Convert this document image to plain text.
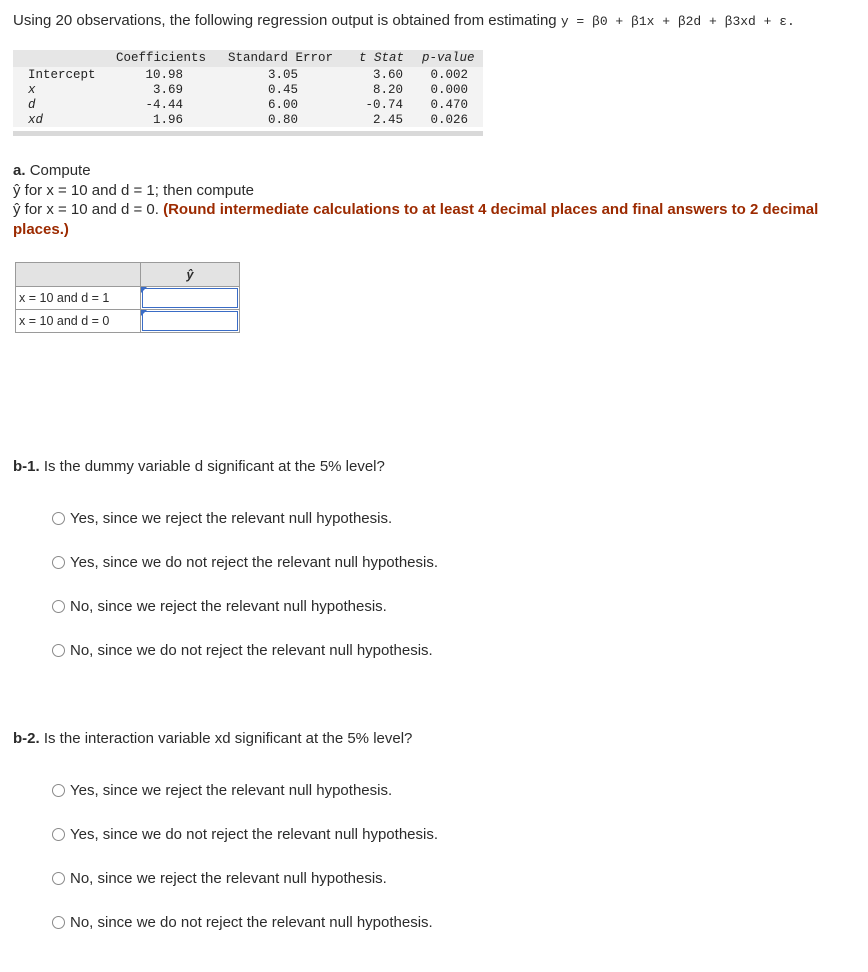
Using 20 observations, the following regression output is obtained from estimating y = β0 + β1x + β2d + β3xd + ε.
Coefficients Standard Error t Stat p-value
Intercept	10.98	3.05	3.60 0.002
x	3.69	0.45	8.20 0.000
d	-4.44	6.00	-0.74 0.470
xd	1.96	0.80	2.45 0.026
a. Compute
ŷ for x = 10 and d = 1; then compute
ŷ for x = 10 and d = 0. (Round intermediate calculations to at least 4 decimal places and final answers to 2 decimal places.)
	ŷ
x = 10 and d = 1	

x = 10 and d = 0	
b-1. Is the dummy variable d significant at the 5% level?
Yes, since we reject the relevant null hypothesis.
Yes, since we do not reject the relevant null hypothesis.
No, since we reject the relevant null hypothesis.
No, since we do not reject the relevant null hypothesis.
b-2. Is the interaction variable xd significant at the 5% level?
Yes, since we reject the relevant null hypothesis.
Yes, since we do not reject the relevant null hypothesis.
No, since we reject the relevant null hypothesis.
No, since we do not reject the relevant null hypothesis.
